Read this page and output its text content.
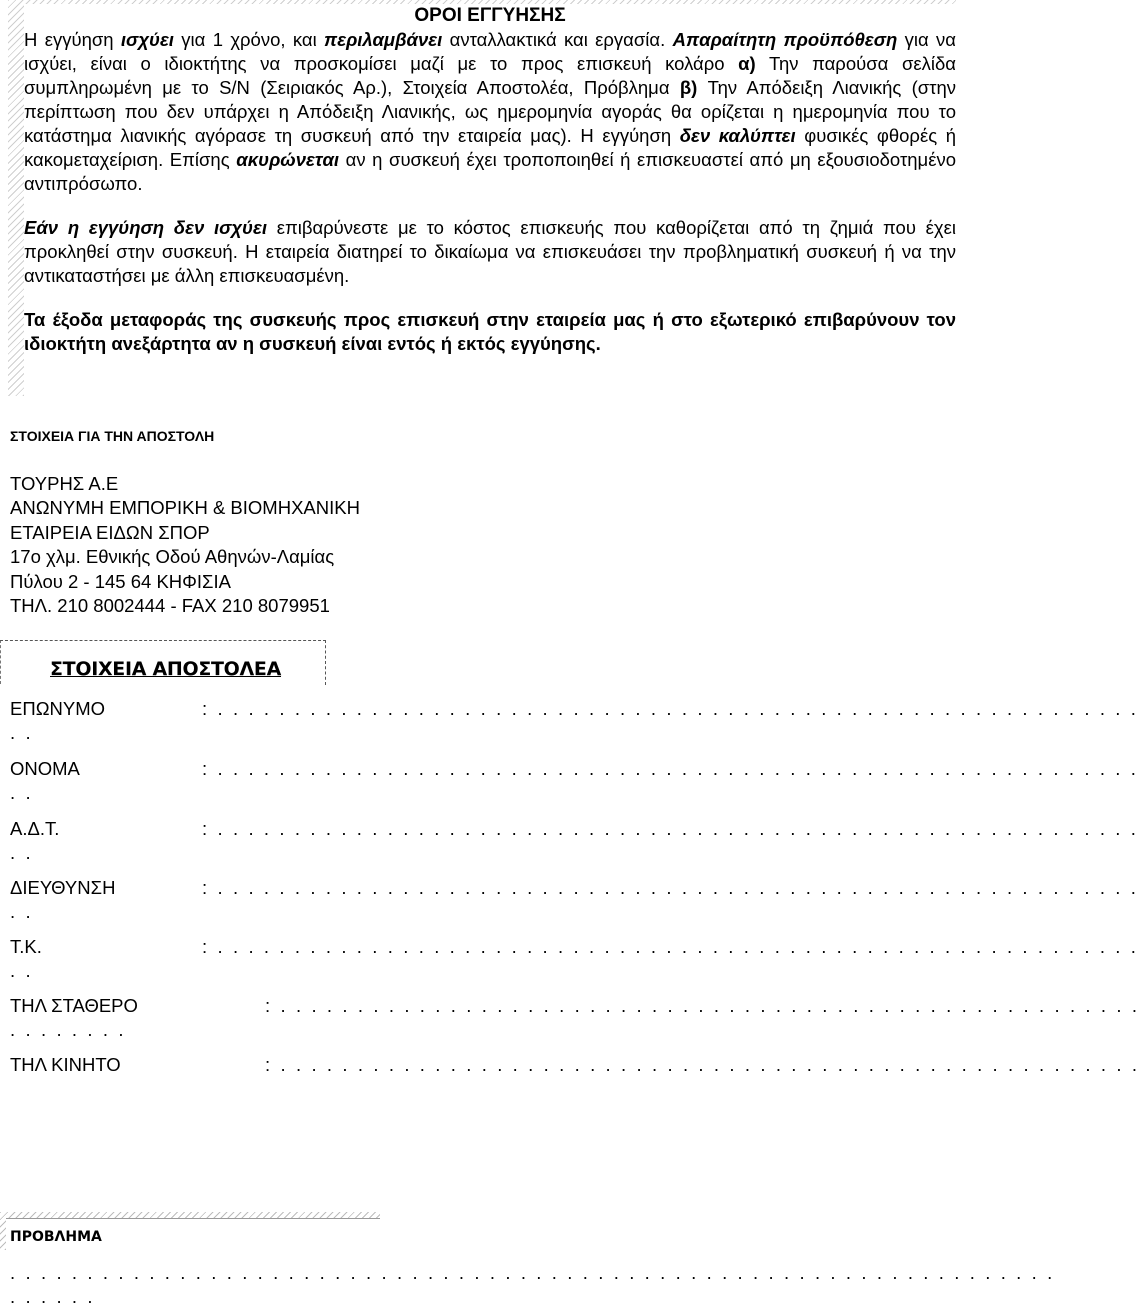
ΟΡΟΙ ΕΓΓΥΗΣΗΣ

Η εγγύηση ισχύει για 1 χρόνο, και περιλαμβάνει ανταλλακτικά και εργασία. Απαραίτητη προϋπόθεση για να ισχύει, είναι ο ιδιοκτήτης να προσκομίσει μαζί με το προς επισκευή κολάρο α) Την παρούσα σελίδα συμπληρωμένη με το S/N (Σειριακός Αρ.), Στοιχεία Αποστολέα, Πρόβλημα β) Την Απόδειξη Λιανικής (στην περίπτωση που δεν υπάρχει η Απόδειξη Λιανικής, ως ημερομηνία αγοράς θα ορίζεται η ημερομηνία που το κατάστημα λιανικής αγόρασε τη συσκευή από την εταιρεία μας). Η εγγύηση δεν καλύπτει φυσικές φθορές ή κακομεταχείριση. Επίσης ακυρώνεται αν η συσκευή έχει τροποποιηθεί ή επισκευαστεί από μη εξουσιοδοτημένο αντιπρόσωπο.

Εάν η εγγύηση δεν ισχύει επιβαρύνεστε με το κόστος επισκευής που καθορίζεται από τη ζημιά που έχει προκληθεί στην συσκευή. Η εταιρεία διατηρεί το δικαίωμα να επισκευάσει την προβληματική συσκευή ή να την αντικαταστήσει με άλλη επισκευασμένη.

Τα έξοδα μεταφοράς της συσκευής προς επισκευή στην εταιρεία μας ή στο εξωτερικό επιβαρύνουν τον ιδιοκτήτη ανεξάρτητα αν η συσκευή είναι εντός ή εκτός εγγύησης.

ΣΤΟΙΧΕΙΑ ΓΙΑ ΤΗΝ ΑΠΟΣΤΟΛΗ
ΤΟΥΡΗΣ Α.Ε
ΑΝΩΝΥΜΗ ΕΜΠΟΡΙΚΗ & ΒΙΟΜΗΧΑΝΙΚΗ
ΕΤΑΙΡΕΙΑ ΕΙΔΩΝ ΣΠΟΡ
17ο χλμ. Εθνικής Οδού Αθηνών-Λαμίας
Πύλου 2 - 145 64 ΚΗΦΙΣΙΑ
ΤΗΛ. 210 8002444 - FAX 210 8079951
ΣΤΟΙΧΕΙΑ ΑΠΟΣΤΟΛΕΑ
ΕΠΩΝΥΜΟ	: . . . . . . . . . . . . . . . . . . . . . . . . . . . . . . . . . . . . . . . . . . . . . . . . . . . . . . . . . . . .
. .
ΟΝΟΜΑ	: . . . . . . . . . . . . . . . . . . . . . . . . . . . . . . . . . . . . . . . . . . . . . . . . . . . . . . . . . . . .
. .
Α.Δ.Τ.	: . . . . . . . . . . . . . . . . . . . . . . . . . . . . . . . . . . . . . . . . . . . . . . . . . . . . . . . . . . . .
. .
ΔΙΕΥΘΥΝΣΗ	: . . . . . . . . . . . . . . . . . . . . . . . . . . . . . . . . . . . . . . . . . . . . . . . . . . . . . . . . . . . .
. .
Τ.Κ.	: . . . . . . . . . . . . . . . . . . . . . . . . . . . . . . . . . . . . . . . . . . . . . . . . . . . . . . . . . . . .
. .
ΤΗΛ ΣΤΑΘΕΡΟ	: . . . . . . . . . . . . . . . . . . . . . . . . . . . . . . . . . . . . . . . . . . . . . . . . . . . . . . . .
. . . . . . . .
ΤΗΛ ΚΙΝΗΤΟ	: . . . . . . . . . . . . . . . . . . . . . . . . . . . . . . . . . . . . . . . . . . . . . . . . . . . . . . . .
ΠΡΟΒΛΗΜΑ
. . . . . . . . . . . . . . . . . . . . . . . . . . . . . . . . . . . . . . . . . . . . . . . . . . . . . . . . . . . . . . . . . . . .
. . . . . .
